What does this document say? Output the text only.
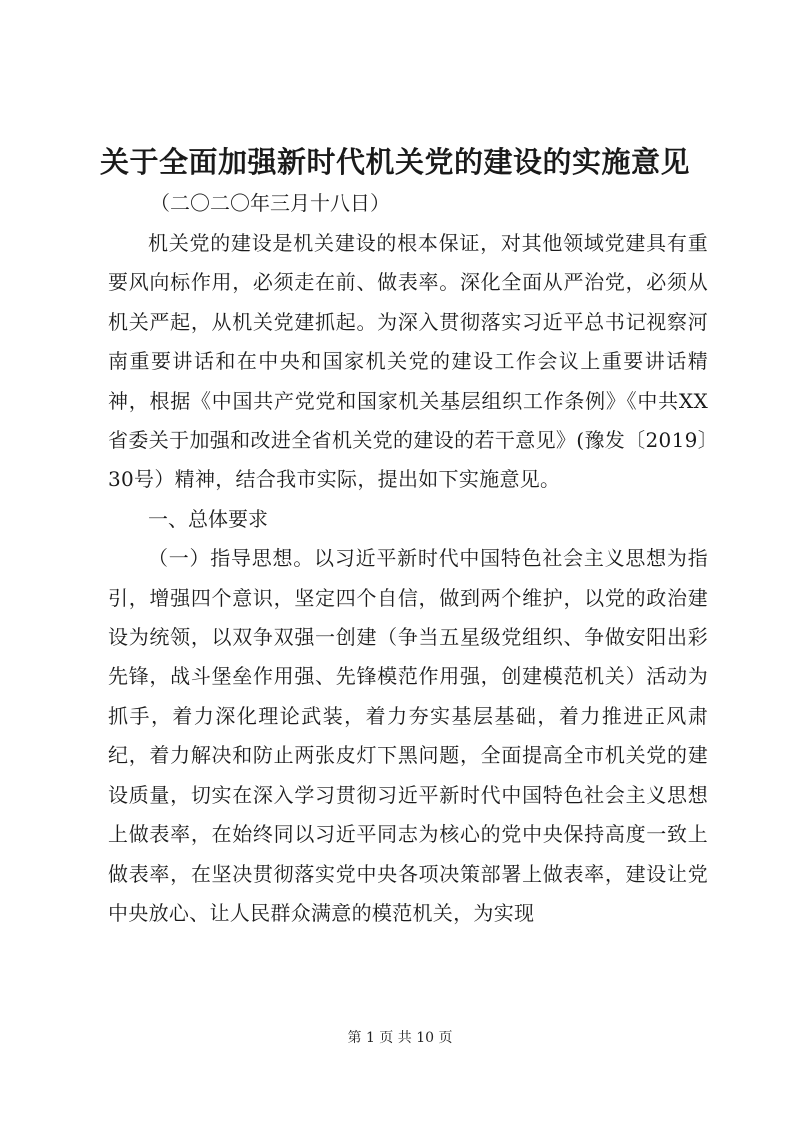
关于全面加强新时代机关党的建设的实施意见

（二〇二〇年三月十八日）

机关党的建设是机关建设的根本保证，对其他领域党建具有重要风向标作用，必须走在前、做表率。深化全面从严治党，必须从机关严起，从机关党建抓起。为深入贯彻落实习近平总书记视察河南重要讲话和在中央和国家机关党的建设工作会议上重要讲话精神，根据《中国共产党党和国家机关基层组织工作条例》《中共XX省委关于加强和改进全省机关党的建设的若干意见》(豫发〔2019〕30号）精神，结合我市实际，提出如下实施意见。

一、总体要求

（一）指导思想。以习近平新时代中国特色社会主义思想为指引，增强四个意识，坚定四个自信，做到两个维护，以党的政治建设为统领，以双争双强一创建（争当五星级党组织、争做安阳出彩先锋，战斗堡垒作用强、先锋模范作用强，创建模范机关）活动为抓手，着力深化理论武装，着力夯实基层基础，着力推进正风肃纪，着力解决和防止两张皮灯下黑问题，全面提高全市机关党的建设质量，切实在深入学习贯彻习近平新时代中国特色社会主义思想上做表率，在始终同以习近平同志为核心的党中央保持高度一致上做表率，在坚决贯彻落实党中央各项决策部署上做表率，建设让党中央放心、让人民群众满意的模范机关，为实现

第 1 页 共 10 页
